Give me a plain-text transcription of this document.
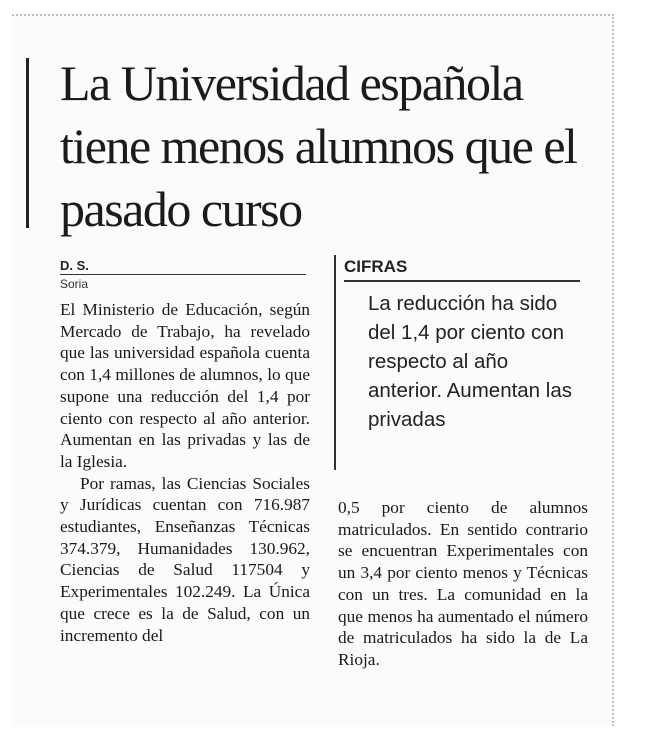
La Universidad española tiene menos alumnos que el pasado curso
D. S.
Soria

El Ministerio de Educación, según Mercado de Trabajo, ha revelado que las universidad española cuenta con 1,4 millones de alumnos, lo que supone una reducción del 1,4 por ciento con respecto al año anterior. Aumentan en las privadas y las de la Iglesia.

Por ramas, las Ciencias Sociales y Jurídicas cuentan con 716.987 estudiantes, Enseñanzas Técnicas 374.379, Humanidades 130.962, Ciencias de Salud 117504 y Experimentales 102.249. La Única que crece es la de Salud, con un incremento del

CIFRAS
La reducción ha sido del 1,4 por ciento con respecto al año anterior. Aumentan las privadas

0,5 por ciento de alumnos matriculados. En sentido contrario se encuentran Experimentales con un 3,4 por ciento menos y Técnicas con un tres. La comunidad en la que menos ha aumentado el número de matriculados ha sido la de La Rioja.
